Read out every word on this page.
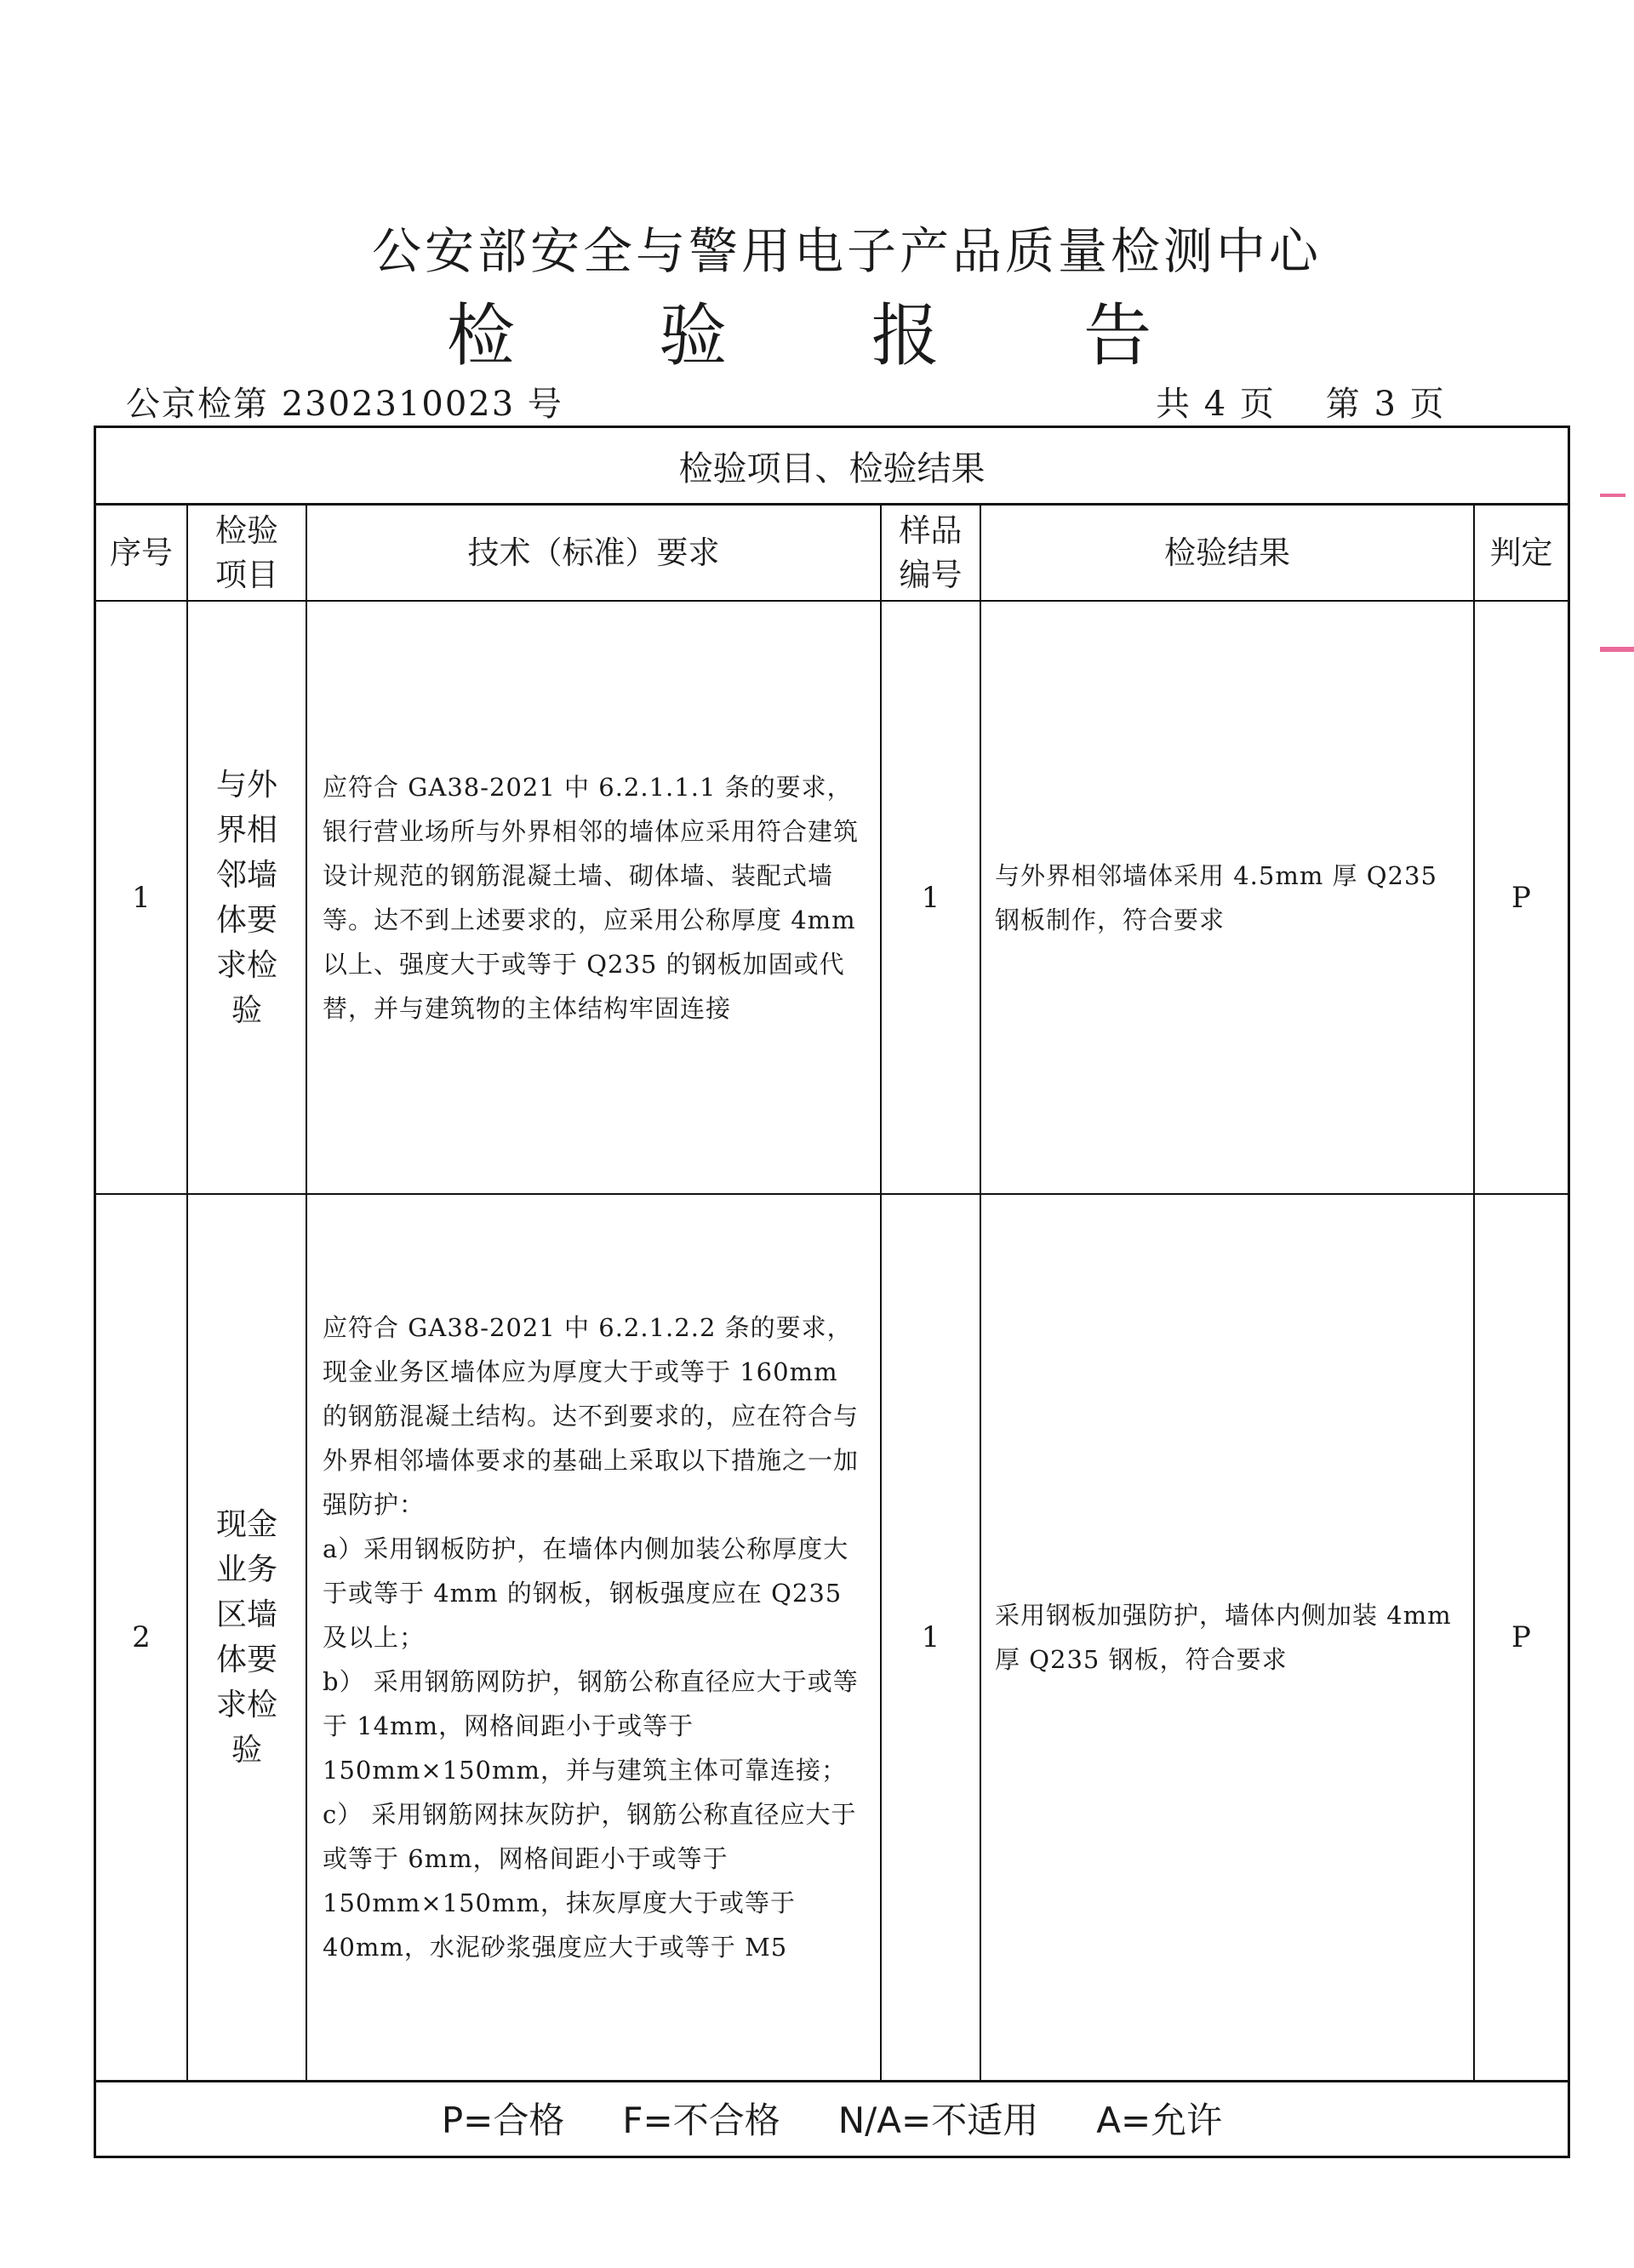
公安部安全与警用电子产品质量检测中心
检 验 报 告
公京检第 2302310023 号	共 4 页    第 3 页
检验项目、检验结果
序号
检验
项目
技术（标准）要求
样品
编号
检验结果	判定
1
与外界相邻墙体要求检验
应符合 GA38-2021 中 6.2.1.1.1 条的要求，
银行营业场所与外界相邻的墙体应采用符合建筑设计规范的钢筋混凝土墙、砌体墙、装配式墙等。达不到上述要求的，应采用公称厚度 4mm 以上、强度大于或等于 Q235 的钢板加固或代替，并与建筑物的主体结构牢固连接
1
与外界相邻墙体采用 4.5mm 厚 Q235 钢板制作，符合要求
P
2
现金业务区墙体要求检验
应符合 GA38-2021 中 6.2.1.2.2 条的要求，
现金业务区墙体应为厚度大于或等于 160mm 的钢筋混凝土结构。达不到要求的，应在符合与外界相邻墙体要求的基础上采取以下措施之一加强防护：
a）采用钢板防护，在墙体内侧加装公称厚度大于或等于 4mm 的钢板，钢板强度应在 Q235 及以上；
b） 采用钢筋网防护，钢筋公称直径应大于或等于 14mm，网格间距小于或等于 150mm×150mm，并与建筑主体可靠连接；
c） 采用钢筋网抹灰防护，钢筋公称直径应大于或等于 6mm，网格间距小于或等于 150mm×150mm，抹灰厚度大于或等于 40mm，水泥砂浆强度应大于或等于 M5
1
采用钢板加强防护，墙体内侧加装 4mm 厚 Q235 钢板，符合要求
P
P=合格 F=不合格 N/A=不适用 A=允许
